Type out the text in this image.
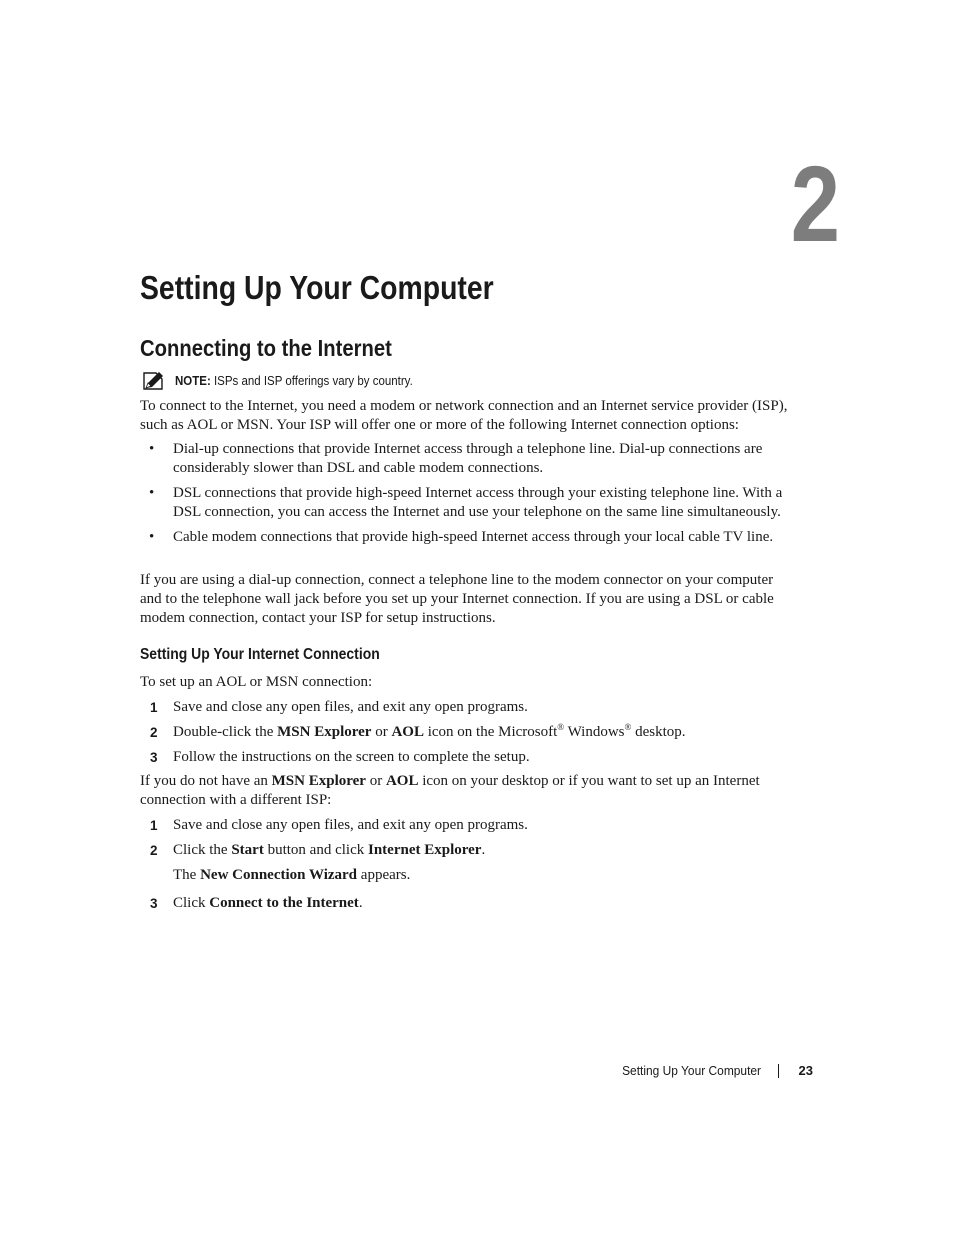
2
Setting Up Your Computer
Connecting to the Internet
NOTE: ISPs and ISP offerings vary by country.

To connect to the Internet, you need a modem or network connection and an Internet service provider (ISP), such as AOL or MSN. Your ISP will offer one or more of the following Internet connection options:

• Dial-up connections that provide Internet access through a telephone line. Dial-up connections are considerably slower than DSL and cable modem connections.
• DSL connections that provide high-speed Internet access through your existing telephone line. With a DSL connection, you can access the Internet and use your telephone on the same line simultaneously.
• Cable modem connections that provide high-speed Internet access through your local cable TV line.

If you are using a dial-up connection, connect a telephone line to the modem connector on your computer and to the telephone wall jack before you set up your Internet connection. If you are using a DSL or cable modem connection, contact your ISP for setup instructions.

Setting Up Your Internet Connection

To set up an AOL or MSN connection:

1 Save and close any open files, and exit any open programs.
2 Double-click the MSN Explorer or AOL icon on the Microsoft® Windows® desktop.
3 Follow the instructions on the screen to complete the setup.

If you do not have an MSN Explorer or AOL icon on your desktop or if you want to set up an Internet connection with a different ISP:

1 Save and close any open files, and exit any open programs.
2 Click the Start button and click Internet Explorer.
The New Connection Wizard appears.
3 Click Connect to the Internet.
Setting Up Your Computer	23
